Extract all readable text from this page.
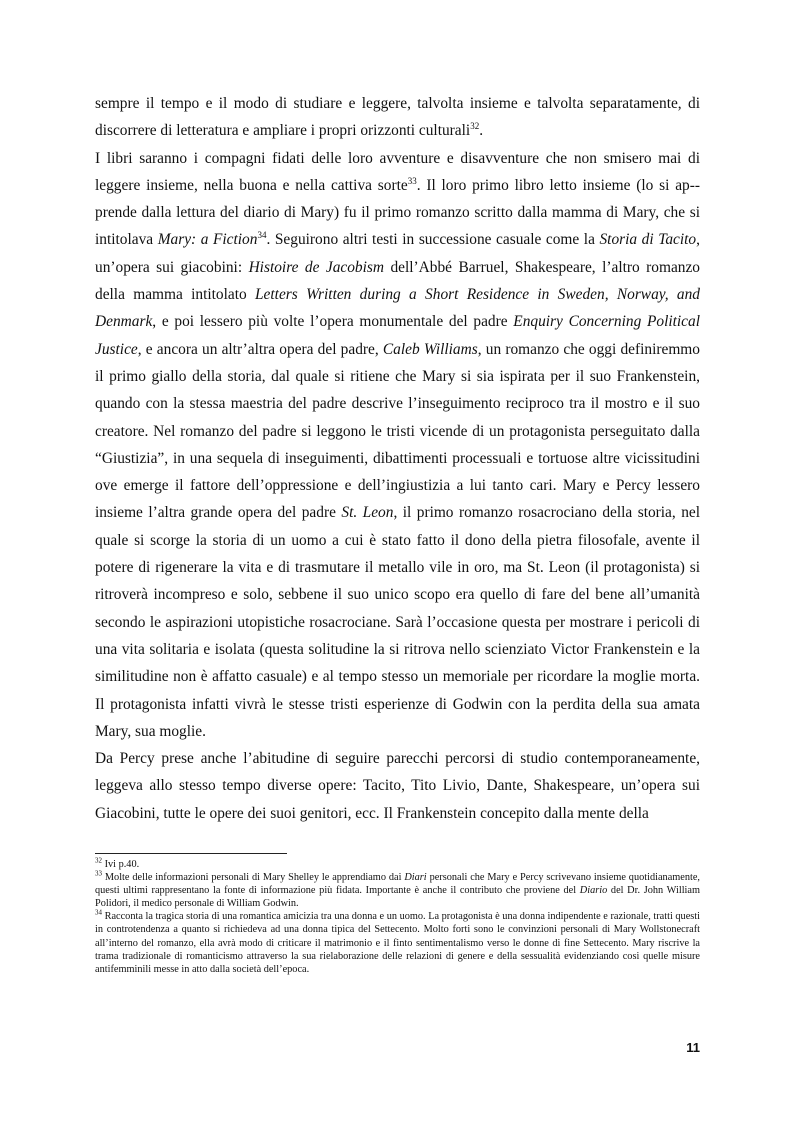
sempre il tempo e il modo di studiare e leggere, talvolta insieme e talvolta separatamente, di discorrere di letteratura e ampliare i propri orizzonti culturali$^{32}$.

I libri saranno i compagni fidati delle loro avventure e disavventure che non smisero mai di leggere insieme, nella buona e nella cattiva sorte$^{33}$. Il loro primo libro letto insieme (lo si ap-prende dalla lettura del diario di Mary) fu il primo romanzo scritto dalla mamma di Mary, che si intitolava Mary: a Fiction$^{34}$. Seguirono altri testi in successione casuale come la Storia di Tacito, un’opera sui giacobini: Histoire de Jacobism dell’Abbé Barruel, Shakespeare, l’altro romanzo della mamma intitolato Letters Written during a Short Residence in Sweden, Norway, and Denmark, e poi lessero più volte l’opera monumentale del padre Enquiry Concerning Political Justice, e ancora un altr’altra opera del padre, Caleb Williams, un romanzo che oggi definiremmo il primo giallo della storia, dal quale si ritiene che Mary si sia ispirata per il suo Frankenstein, quando con la stessa maestria del padre descrive l’inseguimento reciproco tra il mostro e il suo creatore. Nel romanzo del padre si leggono le tristi vicende di un protagonista perseguitato dalla “Giustizia”, in una sequela di inseguimenti, dibattimenti processuali e tortuose altre vicissitudini ove emerge il fattore dell’oppressione e dell’ingiustizia a lui tanto cari. Mary e Percy lessero insieme l’altra grande opera del padre St. Leon, il primo romanzo rosacrociano della storia, nel quale si scorge la storia di un uomo a cui è stato fatto il dono della pietra filosofale, avente il potere di rigenerare la vita e di trasmutare il metallo vile in oro, ma St. Leon (il protagonista) si ritroverà incompreso e solo, sebbene il suo unico scopo era quello di fare del bene all’umanità secondo le aspirazioni utopistiche rosacrociane. Sarà l’occasione questa per mostrare i pericoli di una vita solitaria e isolata (questa solitudine la si ritrova nello scienziato Victor Frankenstein e la similitudine non è affatto casuale) e al tempo stesso un memoriale per ricordare la moglie morta. Il protagonista infatti vivrà le stesse tristi esperienze di Godwin con la perdita della sua amata Mary, sua moglie.

Da Percy prese anche l’abitudine di seguire parecchi percorsi di studio contemporaneamente, leggeva allo stesso tempo diverse opere: Tacito, Tito Livio, Dante, Shakespeare, un’opera sui Giacobini, tutte le opere dei suoi genitori, ecc. Il Frankenstein concepito dalla mente della

$^{32}$ Ivi p.40.

$^{33}$ Molte delle informazioni personali di Mary Shelley le apprendiamo dai Diari personali che Mary e Percy scrivevano insieme quotidianamente, questi ultimi rappresentano la fonte di informazione più fidata. Importante è anche il contributo che proviene del Diario del Dr. John William Polidori, il medico personale di William Godwin.

$^{34}$ Racconta la tragica storia di una romantica amicizia tra una donna e un uomo. La protagonista è una donna indipendente e razionale, tratti questi in controtendenza a quanto si richiedeva ad una donna tipica del Settecento. Molto forti sono le convinzioni personali di Mary Wollstonecraft all’interno del romanzo, ella avrà modo di criticare il matrimonio e il finto sentimentalismo verso le donne di fine Settecento. Mary riscrive la trama tradizionale di romanticismo attraverso la sua rielaborazione delle relazioni di genere e della sessualità evidenziando cosi quelle misure antifemminili messe in atto dalla società dell’epoca.

11
